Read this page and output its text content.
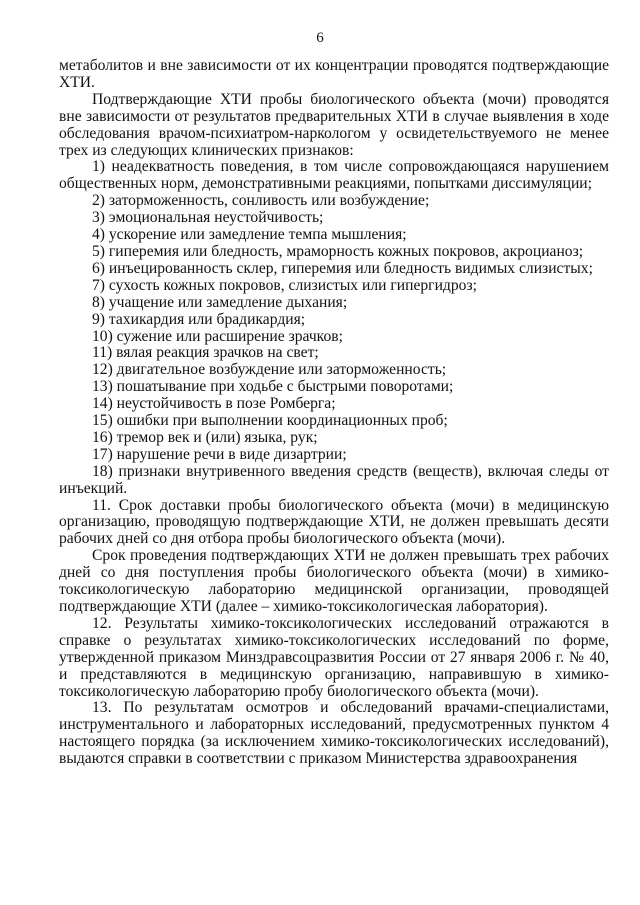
6

метаболитов и вне зависимости от их концентрации проводятся подтверждающие ХТИ.

Подтверждающие ХТИ пробы биологического объекта (мочи) проводятся вне зависимости от результатов предварительных ХТИ в случае выявления в ходе обследования врачом-психиатром-наркологом у освидетельствуемого не менее трех из следующих клинических признаков:

1) неадекватность поведения, в том числе сопровождающаяся нарушением общественных норм, демонстративными реакциями, попытками диссимуляции;

2) заторможенность, сонливость или возбуждение;

3) эмоциональная неустойчивость;

4) ускорение или замедление темпа мышления;

5) гиперемия или бледность, мраморность кожных покровов, акроцианоз;

6) инъецированность склер, гиперемия или бледность видимых слизистых;

7) сухость кожных покровов, слизистых или гипергидроз;

8) учащение или замедление дыхания;

9) тахикардия или брадикардия;

10) сужение или расширение зрачков;

11) вялая реакция зрачков на свет;

12) двигательное возбуждение или заторможенность;

13) пошатывание при ходьбе с быстрыми поворотами;

14) неустойчивость в позе Ромберга;

15) ошибки при выполнении координационных проб;

16) тремор век и (или) языка, рук;

17) нарушение речи в виде дизартрии;

18) признаки внутривенного введения средств (веществ), включая следы от инъекций.

11. Срок доставки пробы биологического объекта (мочи) в медицинскую организацию, проводящую подтверждающие ХТИ, не должен превышать десяти рабочих дней со дня отбора пробы биологического объекта (мочи).

Срок проведения подтверждающих ХТИ не должен превышать трех рабочих дней со дня поступления пробы биологического объекта (мочи) в химико-токсикологическую лабораторию медицинской организации, проводящей подтверждающие ХТИ (далее – химико-токсикологическая лаборатория).

12. Результаты химико-токсикологических исследований отражаются в справке о результатах химико-токсикологических исследований по форме, утвержденной приказом Минздравсоцразвития России от 27 января 2006 г. № 40, и представляются в медицинскую организацию, направившую в химико-токсикологическую лабораторию пробу биологического объекта (мочи).

13. По результатам осмотров и обследований врачами-специалистами, инструментального и лабораторных исследований, предусмотренных пунктом 4 настоящего порядка (за исключением химико-токсикологических исследований), выдаются справки в соответствии с приказом Министерства здравоохранения
